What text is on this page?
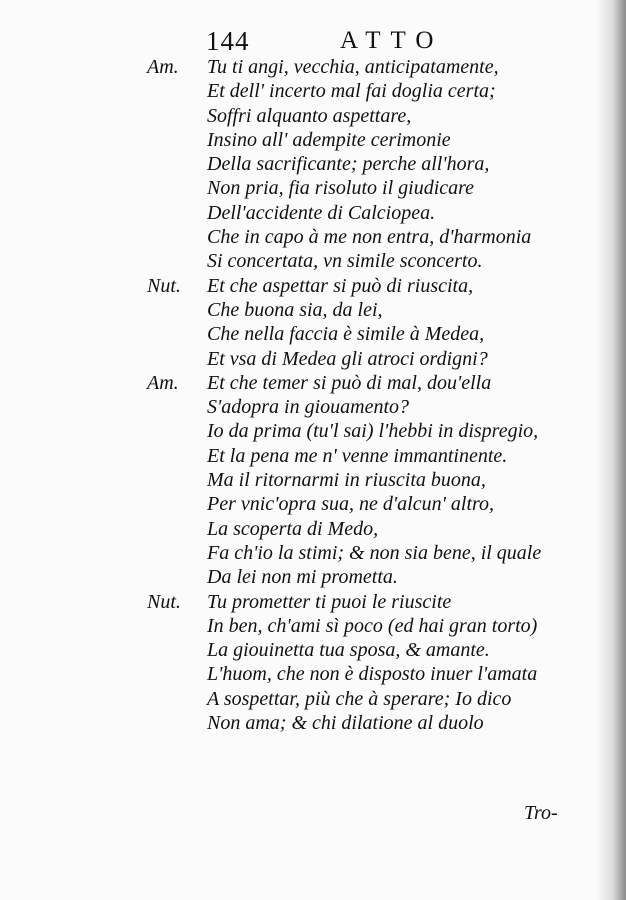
144	ATTO
Am. Tu ti angi, vecchia, anticipatamente,
Et dell' incerto mal fai doglia certa;
Soffri alquanto aspettare,
Insino all' adempite cerimonie
Della sacrificante; perche all'hora,
Non pria, fia risoluto il giudicare
Dell'accidente di Calciopea.
Che in capo à me non entra, d'harmonia
Si concertata, vn simile sconcerto.
Nut. Et che aspettar si può di riuscita,
Che buona sia, da lei,
Che nella faccia è simile à Medea,
Et vsa di Medea gli atroci ordigni?
Am. Et che temer si può di mal, dou'ella
S'adopra in giouamento?
Io da prima (tu'l sai) l'hebbi in dispregio,
Et la pena me n' venne immantinente.
Ma il ritornarmi in riuscita buona,
Per vnic'opra sua, ne d'alcun' altro,
La scoperta di Medo,
Fa ch'io la stimi; & non sia bene, il quale
Da lei non mi prometta.
Nut. Tu prometter ti puoi le riuscite
In ben, ch'ami sì poco (ed hai gran torto)
La giouinetta tua sposa, & amante.
L'huom, che non è disposto inuer l'amata
A sospettar, più che à sperare; Io dico
Non ama; & chi dilatione al duolo
Tro-
